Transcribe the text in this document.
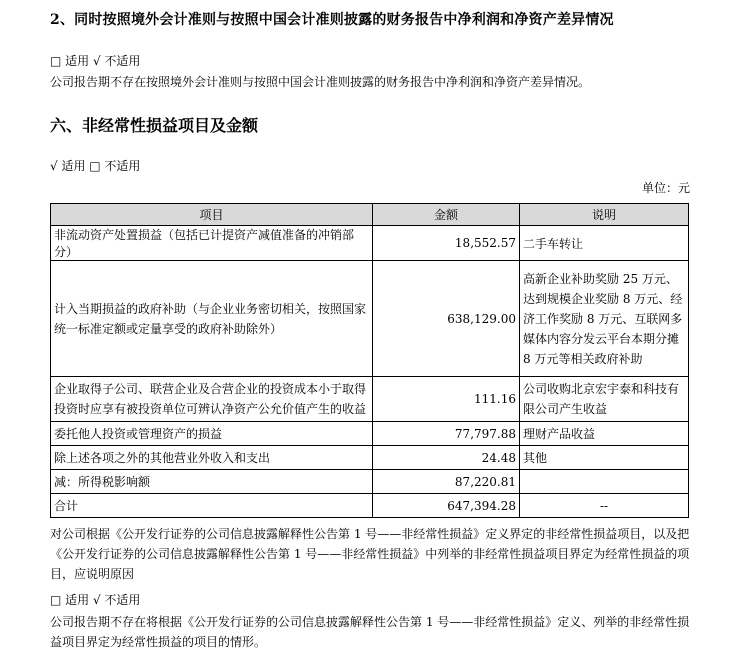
2、同时按照境外会计准则与按照中国会计准则披露的财务报告中净利润和净资产差异情况
□ 适用 √ 不适用
公司报告期不存在按照境外会计准则与按照中国会计准则披露的财务报告中净利润和净资产差异情况。
六、非经常性损益项目及金额
√ 适用 □ 不适用
单位：元
项目	金额	说明
非流动资产处置损益（包括已计提资产减值准备的冲销部分）	18,552.57	二手车转让
计入当期损益的政府补助（与企业业务密切相关，按照国家统一标准定额或定量享受的政府补助除外）	638,129.00	高新企业补助奖励 25 万元、达到规模企业奖励 8 万元、经济工作奖励 8 万元、互联网多媒体内容分发云平台本期分摊 8 万元等相关政府补助
企业取得子公司、联营企业及合营企业的投资成本小于取得投资时应享有被投资单位可辨认净资产公允价值产生的收益	111.16	公司收购北京宏宇泰和科技有限公司产生收益
委托他人投资或管理资产的损益	77,797.88	理财产品收益
除上述各项之外的其他营业外收入和支出	24.48	其他
减：所得税影响额	87,220.81	
合计	647,394.28	--
对公司根据《公开发行证券的公司信息披露解释性公告第 1 号——非经常性损益》定义界定的非经常性损益项目，以及把《公开发行证券的公司信息披露解释性公告第 1 号——非经常性损益》中列举的非经常性损益项目界定为经常性损益的项目，应说明原因
□ 适用 √ 不适用
公司报告期不存在将根据《公开发行证券的公司信息披露解释性公告第 1 号——非经常性损益》定义、列举的非经常性损益项目界定为经常性损益的项目的情形。
